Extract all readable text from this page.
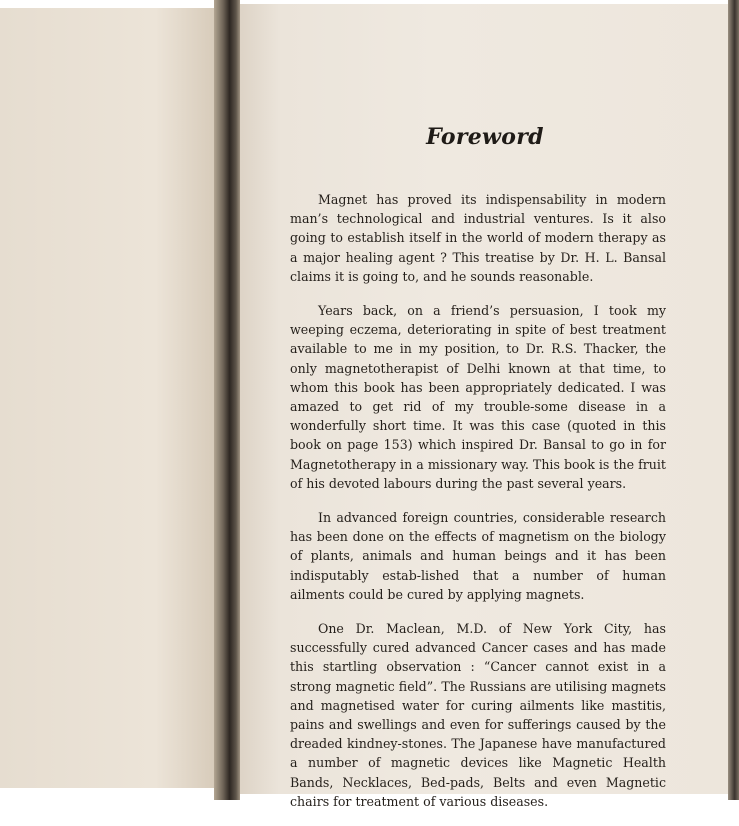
Foreword

Magnet has proved its indispensability in modern man’s technological and industrial ventures. Is it also going to establish itself in the world of modern therapy as a major healing agent ? This treatise by Dr. H. L. Bansal claims it is going to, and he sounds reasonable.

Years back, on a friend’s persuasion, I took my weeping eczema, deteriorating in spite of best treatment available to me in my position, to Dr. R.S. Thacker, the only magnetotherapist of Delhi known at that time, to whom this book has been appropriately dedicated. I was amazed to get rid of my trouble-some disease in a wonderfully short time. It was this case (quoted in this book on page 153) which inspired Dr. Bansal to go in for Magnetotherapy in a missionary way. This book is the fruit of his devoted labours during the past several years.

In advanced foreign countries, considerable research has been done on the effects of magnetism on the biology of plants, animals and human beings and it has been indisputably estab-lished that a number of human ailments could be cured by applying magnets.

One Dr. Maclean, M.D. of New York City, has successfully cured advanced Cancer cases and has made this startling observation : “Cancer cannot exist in a strong magnetic field”. The Russians are utilising magnets and magnetised water for curing ailments like mastitis, pains and swellings and even for sufferings caused by the dreaded kindney-stones. The Japanese have manufactured a number of magnetic devices like Magnetic Health Bands, Necklaces, Bed-pads, Belts and even Magnetic chairs for treatment of various diseases.
